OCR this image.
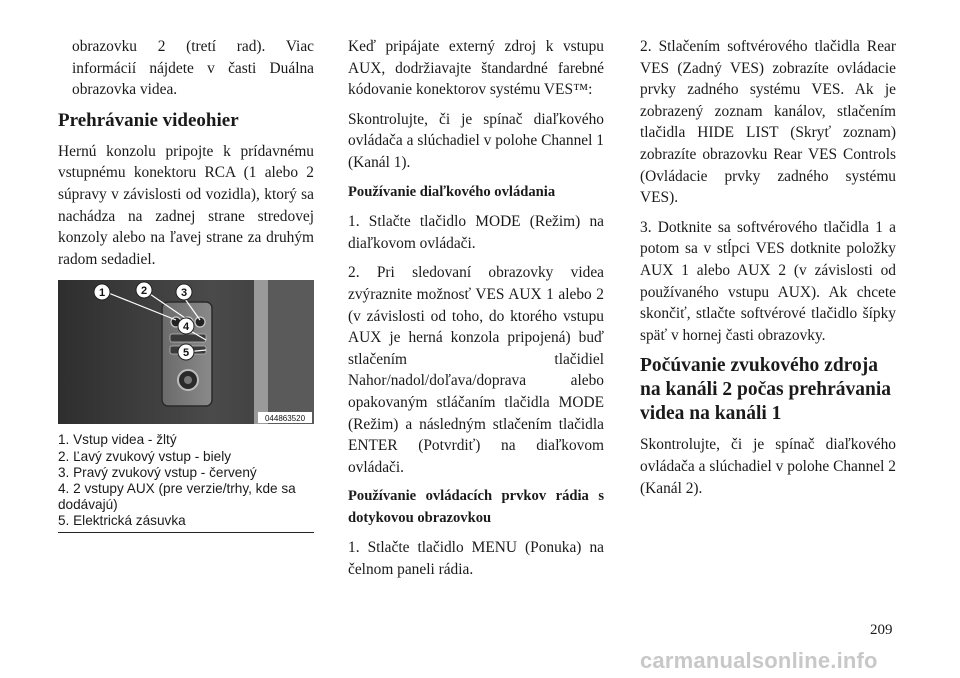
obrazovku 2 (tretí rad). Viac informácií nájdete v časti Duálna obrazovka videa.

Prehrávanie videohier

Hernú konzolu pripojte k prídavnému vstupnému konektoru RCA (1 alebo 2 súpravy v závislosti od vozidla), ktorý sa nachádza na zadnej strane stredovej konzoly alebo na ľavej strane za druhým radom sedadiel.

1	2	3
4
5
044863520
1. Vstup videa - žltý
2. Ľavý zvukový vstup - biely
3. Pravý zvukový vstup - červený
4. 2 vstupy AUX (pre verzie/trhy, kde sa dodávajú)
5. Elektrická zásuvka

Keď pripájate externý zdroj k vstupu AUX, dodržiavajte štandardné farebné kódovanie konektorov systému VES™:

Skontrolujte, či je spínač diaľkového ovládača a slúchadiel v polohe Channel 1 (Kanál 1).

Používanie diaľkového ovládania

1. Stlačte tlačidlo MODE (Režim) na diaľkovom ovládači.

2. Pri sledovaní obrazovky videa zvýraznite možnosť VES AUX 1 alebo 2 (v závislosti od toho, do ktorého vstupu AUX je herná konzola pripojená) buď stlačením tlačidiel Nahor/nadol/doľava/doprava alebo opakovaným stláčaním tlačidla MODE (Režim) a následným stlačením tlačidla ENTER (Potvrdiť) na diaľkovom ovládači.

Používanie ovládacích prvkov rádia s dotykovou obrazovkou

1. Stlačte tlačidlo MENU (Ponuka) na čelnom paneli rádia.

2. Stlačením softvérového tlačidla Rear VES (Zadný VES) zobrazíte ovládacie prvky zadného systému VES. Ak je zobrazený zoznam kanálov, stlačením tlačidla HIDE LIST (Skryť zoznam) zobrazíte obrazovku Rear VES Controls (Ovládacie prvky zadného systému VES).

3. Dotknite sa softvérového tlačidla 1 a potom sa v stĺpci VES dotknite položky AUX 1 alebo AUX 2 (v závislosti od používaného vstupu AUX). Ak chcete skončiť, stlačte softvérové tlačidlo šípky späť v hornej časti obrazovky.

Počúvanie zvukového zdroja na kanáli 2 počas prehrávania videa na kanáli 1

Skontrolujte, či je spínač diaľkového ovládača a slúchadiel v polohe Channel 2 (Kanál 2).

209
carmanualsonline.info
